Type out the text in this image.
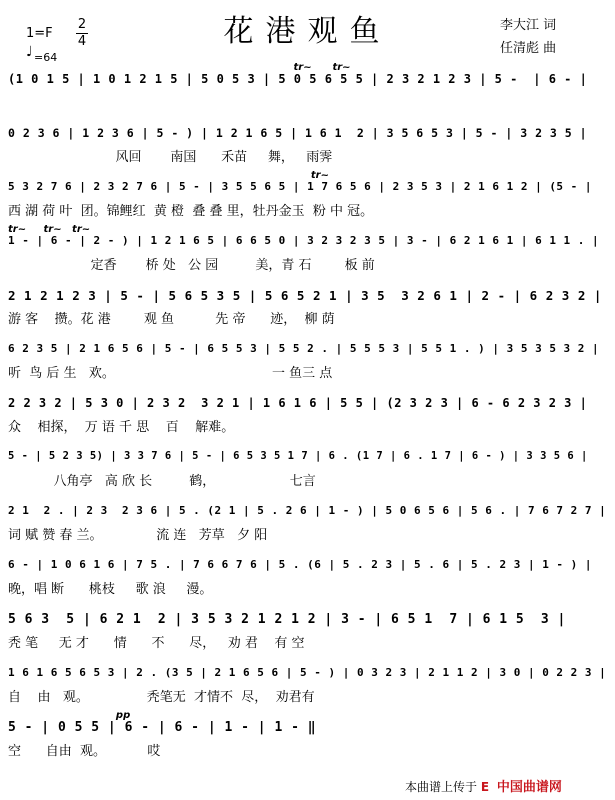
花港观鱼
1=F
2
4
♩ =64
李大江 词
任清彪 曲
tr~      tr~
(1 0 1 5 | 1 0 1 2 1 5 | 5 0 5 3 | 5 0 5 6 5 5 | 2 3 2 1 2 3 | 5 -  | 6 - |
0 2 3 6 | 1 2 3 6 | 5 - ) | 1 2 1 6 5 | 1 6 1  2 | 3 5 6 5 3 | 5 - | 3 2 3 5 |
风回       南国      禾苗     舞，   雨霁
tr~
5 3 2 7 6 | 2 3 2 7 6 | 5 - | 3 5 5 6 5 | 1 7 6 5 6 | 2 3 5 3 | 2 1 6 1 2 | (5 - |
西 湖 荷 叶  团。锦鲤红  黄 橙  叠 叠 里，牡丹金玉  粉 中 冠。
tr~     tr~   tr~
1 - | 6 - | 2 - ) | 1 2 1 6 5 | 6 6 5 0 | 3 2 3 2 3 5 | 3 - | 6 2 1 6 1 | 6 1 1 . |
定香       桥 处   公 园         美，青 石        板 前
2 1 2 1 2 3 | 5 - | 5 6 5 3 5 | 5 6 5 2 1 | 3 5  3 2 6 1 | 2 - | 6 2 3 2 |
游 客    攒。花 港        观 鱼          先 帝      迹，  柳 荫
6 2 3 5 | 2 1 6 5 6 | 5 - | 6 5 5 3 | 5 5 2 . | 5 5 5 3 | 5 5 1 . ) | 3 5 3 5 3 2 |
听  鸟 后 生   欢。                                      一 鱼三 点
2 2 3 2 | 5 3 0 | 2 3 2  3 2 1 | 1 6 1 6 | 5 5 | (2 3 2 3 | 6 - 6 2 3 2 3 |
众    相探，  万 语 千 思    百    解难。
5 - | 5 2 3 5) | 3 3 7 6 | 5 - | 6 5 3 5 1 7 | 6 . (1 7 | 6 . 1 7 | 6 - ) | 3 3 5 6 |
八角亭   高 欣 长         鹤，                  七言
2 1  2 . | 2 3  2 3 6 | 5 . (2 1 | 5 . 2 6 | 1 - ) | 5 0 6 5 6 | 5 6 . | 7 6 7 2 7 |
词 赋 赞 春 兰。             流 连   芳草   夕 阳
6 - | 1 0 6 1 6 | 7 5 . | 7 6 6 7 6 | 5 . (6 | 5 . 2 3 | 5 . 6 | 5 . 2 3 | 1 - ) |
晚，唱 断      桃枝     歌 浪     漫。
5 6 3  5 | 6 2 1  2 | 3 5 3 2 1 2 1 2 | 3 - | 6 5 1  7 | 6 1 5  3 |
秃 笔     无 才      情      不      尽，   劝 君    有 空
1 6 1 6 5 6 5 3 | 2 . (3 5 | 2 1 6 5 6 | 5 - ) | 0 3 2 3 | 2 1 1 2 | 3 0 | 0 2 2 3 |
自    由   观。              秃笔无  才情不  尽，  劝君有
pp
5 - | 0 5 5 | 6 - | 6 - | 1 - | 1 - ‖
空      自由  观。          哎
本曲谱上传于 E 中国曲谱网
